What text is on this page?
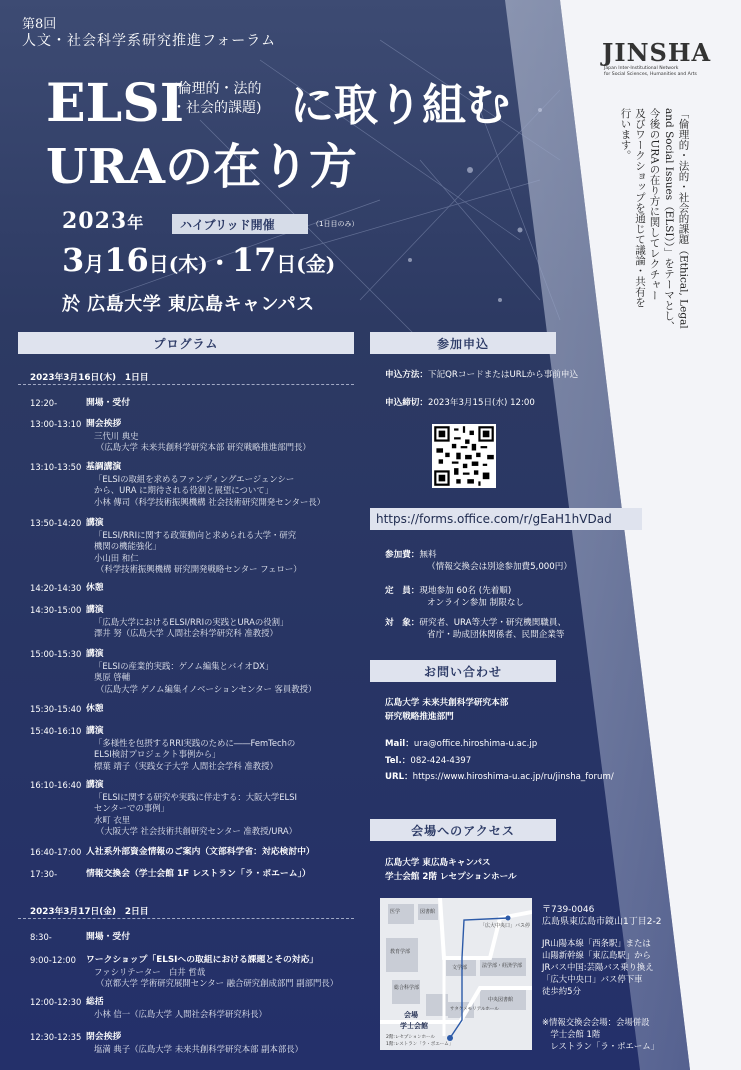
第8回
人文・社会科学系研究推進フォーラム
ELSI
(倫理的・法的
・社会的課題) に取り組む
URAの在り方
2023年	ハイブリッド開催	（1日目のみ）
3月16日(木)・17日(金)
於 広島大学 東広島キャンパス
JINSHA
Japan Inter-Institutional Network
for Social Sciences, Humanities and Arts
「倫理的・法的・社会的課題（Ethical, Legal
and Social Issues（ELSI））」をテーマとし、
今後のURAの在り方に関してレクチャー
及びワークショップを通じて議論・共有を
行います。
プログラム
2023年3月16日(木)　1日目
12:20-	開場・受付
13:00-13:10 開会挨拶
三代川 典史
（広島大学 未来共創科学研究本部 研究戦略推進部門長）
13:10-13:50 基調講演
「ELSIの取組を求めるファンディングエージェンシー
から、URA に期待される役割と展望について」
小林 傳司（科学技術振興機構 社会技術研究開発センター長）
13:50-14:20 講演
「ELSI/RRIに関する政策動向と求められる大学・研究
機関の機能強化」
小山田 和仁
（科学技術振興機構 研究開発戦略センター フェロー）
14:20-14:30 休憩
14:30-15:00 講演
「広島大学におけるELSI/RRIの実践とURAの役割」
澤井 努（広島大学 人間社会科学研究科 准教授）
15:00-15:30 講演
「ELSIの産業的実践：ゲノム編集とバイオDX」
奥原 啓輔
（広島大学 ゲノム編集イノベーションセンター 客員教授）
15:30-15:40 休憩
15:40-16:10 講演
「多様性を包摂するRRI実践のために――FemTechの
ELSI検討プロジェクト事例から」
標葉 靖子（実践女子大学 人間社会学科 准教授）
16:10-16:40 講演
「ELSIに関する研究や実践に伴走する：大阪大学ELSI
センターでの事例」
水町 衣里
（大阪大学 社会技術共創研究センター 准教授/URA）
16:40-17:00 人社系外部資金情報のご案内（文部科学省：対応検討中）
17:30-	情報交換会（学士会館 1F レストラン「ラ・ポエーム」）
2023年3月17日(金)　2日目
8:30-	開場・受付
9:00-12:00 ワークショップ「ELSIへの取組における課題とその対応」
ファシリテーター　白井 哲哉
（京都大学 学術研究展開センター 融合研究創成部門 副部門長）
12:00-12:30 総括
小林 信一（広島大学 人間社会科学研究科長）
12:30-12:35 閉会挨拶
塩満 典子（広島大学 未来共創科学研究本部 副本部長）
参加申込
申込方法：下記QRコードまたはURLから事前申込
申込締切：2023年3月15日(水) 12:00
https://forms.office.com/r/gEaH1hVDad
参加費：無料
（情報交換会は別途参加費5,000円）
定　員：現地参加 60名 (先着順)
オンライン参加 制限なし
対　象：研究者、URA等大学・研究機関職員、
省庁・助成団体関係者、民間企業等
お問い合わせ
広島大学 未来共創科学研究本部
研究戦略推進部門
Mail：ura@office.hiroshima-u.ac.jp
Tel.：082-424-4397
URL：https://www.hiroshima-u.ac.jp/ru/jinsha_forum/
会場へのアクセス
広島大学 東広島キャンパス
学士会館 2階 レセプションホール
「広大中央口」バス停
図書館
教育学部
文学部	法学部・経済学部
中央図書館
サタケメモリアルホール
総合科学部
医学
会場
学士会館
2階:レセプションホール
1階:レストラン「ラ・ポエーム」
〒739-0046
広島県東広島市鏡山1丁目2-2
JR山陽本線「西条駅」または
山陽新幹線「東広島駅」から
JRバス中国:芸陽バス乗り換え
「広大中央口」バス停下車
徒歩約5分
※情報交換会会場：会場併設
　学士会館 1階
　レストラン「ラ・ポエーム」
